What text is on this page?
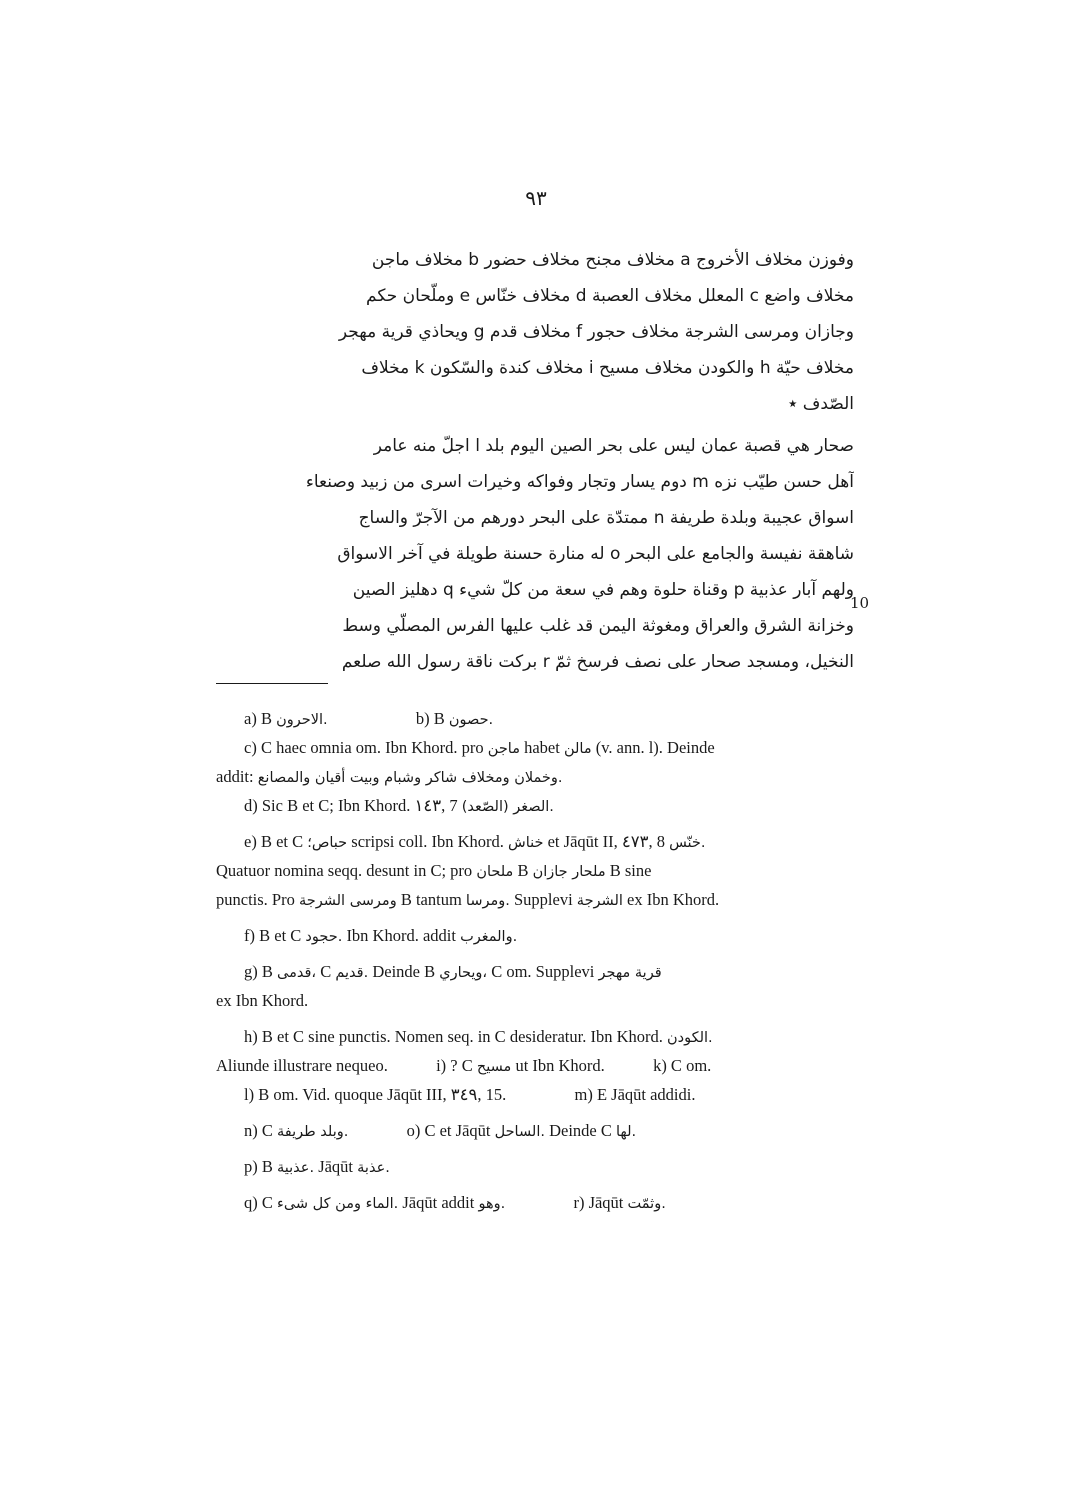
٩٣
وفوزن مخلاف الأخروج a مخلاف مجنح مخلاف حضور b مخلاف ماجن
مخلاف واضع c المعلل مخلاف العصبة d مخلاف خنّاس e وملّحان حكم
وجازان ومرسى الشرجة مخلاف حجور f مخلاف قدم g ويحاذي قرية مهجر
مخلاف حيّة h والكودن مخلاف مسيح i مخلاف كندة والسّكون k مخلاف
الصّدف ٭
صحار هي قصبة عمان ليس على بحر الصين اليوم بلد l اجلّ منه عامر
آهل حسن طيّب نزه m دوم يسار وتجار وفواكه وخيرات اسرى من زبيد وصنعاء
اسواق عجيبة وبلدة طريفة n ممتدّة على البحر دورهم من الآجرّ والساج
شاهقة نفيسة والجامع على البحر o له منارة حسنة طويلة في آخر الاسواق
ولهم آبار عذبية p وقناة حلوة وهم في سعة من كلّ شيء q دهليز الصين
وخزانة الشرق والعراق ومغوثة اليمن قد غلب عليها الفرس المصلّي وسط
النخيل، ومسجد صحار على نصف فرسخ ثمّ r بركت ناقة رسول الله صلعم
10
a) B الاحرون.	b) B حصون.
c) C haec omnia om. Ibn Khord. pro ماجن habet مالن (v. ann. l). Deinde
addit: وخملان ومخلاف شاكر وشبام وبيت أقيان والمصانع.
d) Sic B et C; Ibn Khord. ١٤٣, 7 الصغر (الصّعد).
e) B et C حباص؛ scripsi coll. Ibn Khord. خناش et Jāqūt II, ٤٧٣, 8 خنّس.
Quatuor nomina seqq. desunt in C; pro ملحان B ملحار جازان B sine
punctis. Pro ومرسى الشرجة B tantum ومرسا. Supplevi الشرجة ex Ibn Khord.
f) B et C حجود. Ibn Khord. addit والمغرب.
g) B قدمى، C قديم. Deinde B ويحاري، C om. Supplevi قرية مهجر
ex Ibn Khord.
h) B et C sine punctis. Nomen seq. in C desideratur. Ibn Khord. الكودن.
Aliunde illustrare nequeo.	i) ? C مسيح ut Ibn Khord.	k) C om.
l) B om. Vid. quoque Jāqūt III, ٣٤٩, 15.	m) E Jāqūt addidi.
n) C وبلد طريفة.	o) C et Jāqūt الساحل. Deinde C لها.
p) B عذبية. Jāqūt عذبة.
q) C الماء ومن كل شىء. Jāqūt addit وهو.	r) Jāqūt وثمّت.
